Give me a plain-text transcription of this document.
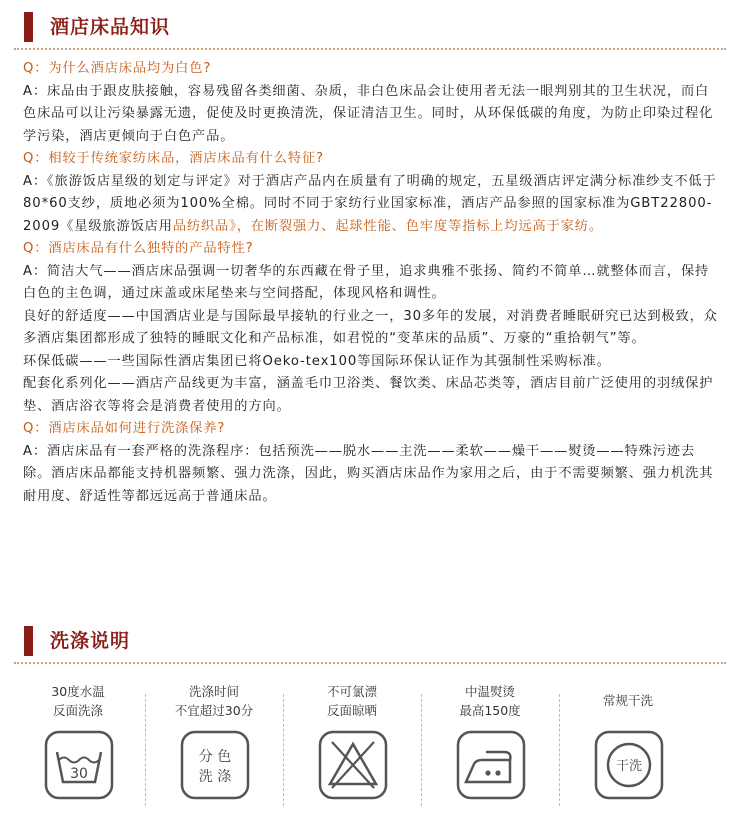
酒店床品知识
Q：为什么酒店床品均为白色?
A：床品由于跟皮肤接触，容易残留各类细菌、杂质，非白色床品会让使用者无法一眼判别其的卫生状况，而白色床品可以让污染暴露无遗，促使及时更换清洗，保证清洁卫生。同时，从环保低碳的角度，为防止印染过程化学污染，酒店更倾向于白色产品。
Q：相较于传统家纺床品，酒店床品有什么特征?
A：《旅游饭店星级的划定与评定》对于酒店产品内在质量有了明确的规定，五星级酒店评定满分标准纱支不低于80*60支纱，质地必须为100%全棉。同时不同于家纺行业国家标准，酒店产品参照的国家标准为GBT22800-2009《星级旅游饭店用品纺织品》，在断裂强力、起球性能、色牢度等指标上均远高于家纺。
Q：酒店床品有什么独特的产品特性?
A：简洁大气——酒店床品强调一切奢华的东西藏在骨子里，追求典雅不张扬、简约不简单…就整体而言，保持白色的主色调，通过床盖或床尾垫来与空间搭配，体现风格和调性。
良好的舒适度——中国酒店业是与国际最早接轨的行业之一，30多年的发展，对消费者睡眠研究已达到极致，众多酒店集团都形成了独特的睡眠文化和产品标准，如君悦的“变革床的品质”、万豪的“重拾朝气”等。
环保低碳——一些国际性酒店集团已将Oeko-tex100等国际环保认证作为其强制性采购标准。
配套化系列化——酒店产品线更为丰富，涵盖毛巾卫浴类、餐饮类、床品芯类等，酒店目前广泛使用的羽绒保护垫、酒店浴衣等将会是消费者使用的方向。
Q：酒店床品如何进行洗涤保养?
A：酒店床品有一套严格的洗涤程序：包括预洗——脱水——主洗——柔软——燥干——熨烫——特殊污迹去除。酒店床品都能支持机器频繁、强力洗涤，因此，购买酒店床品作为家用之后，由于不需要频繁、强力机洗其耐用度、舒适性等都远远高于普通床品。
洗涤说明
30度水温
反面洗涤
30
洗涤时间
不宜超过30分
分 色
洗 涤
不可氯漂
反面晾晒
中温熨烫
最高150度
常规干洗
干洗
